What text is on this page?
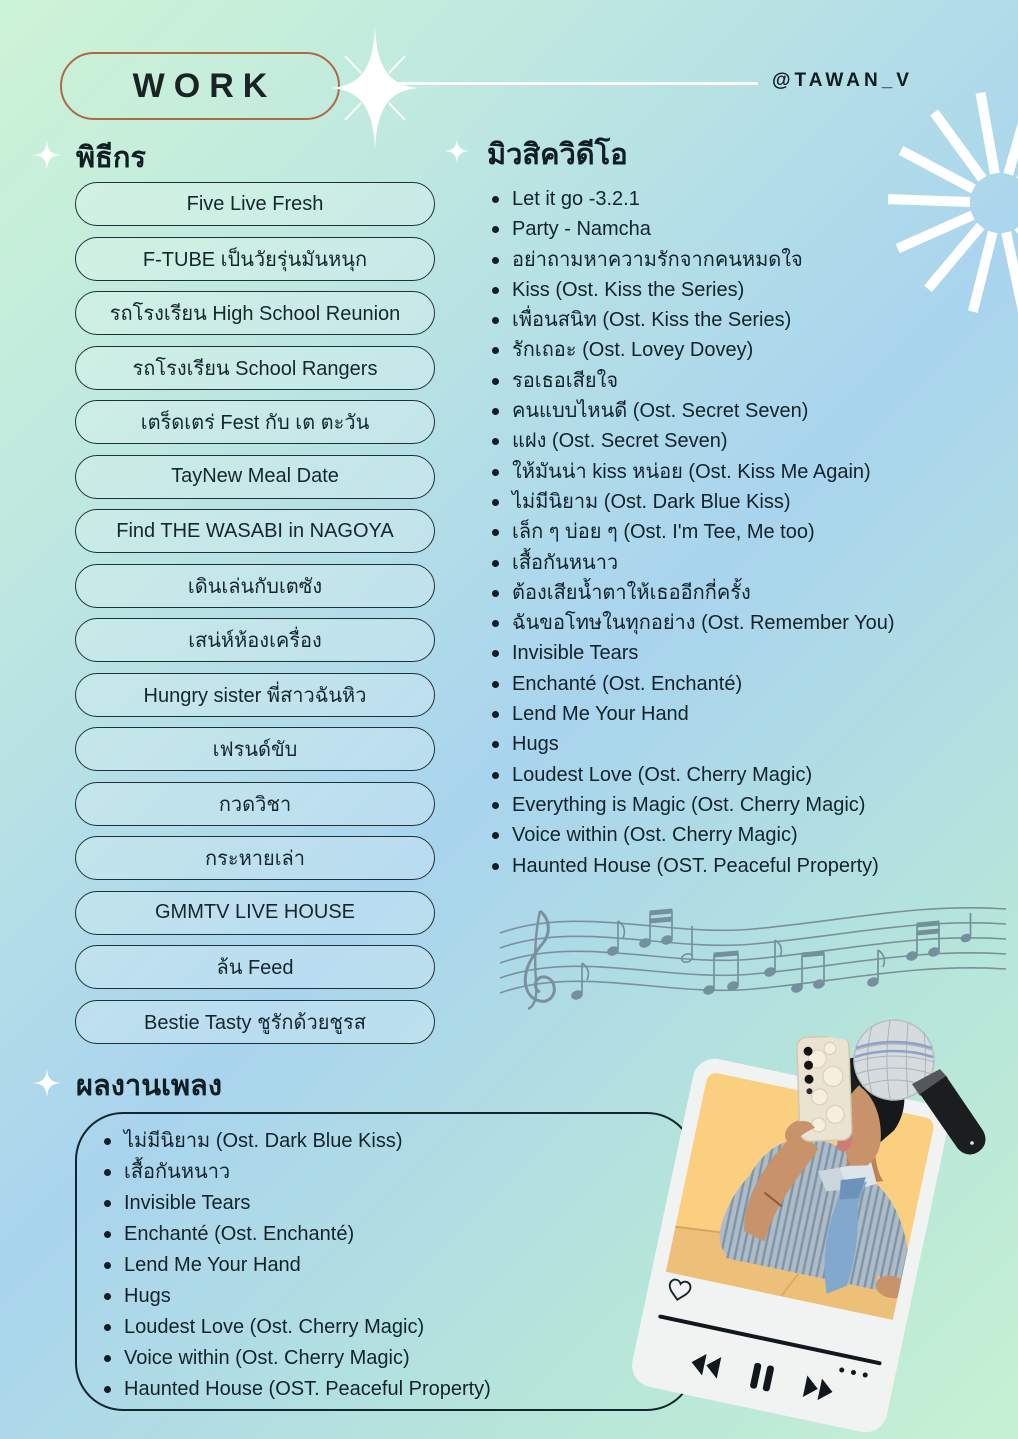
WORK	@TAWAN_V
พิธีกร
Five Live Fresh
F-TUBE เป็นวัยรุ่นมันหนุก
รถโรงเรียน High School Reunion
รถโรงเรียน School Rangers
เตร็ดเตร่ Fest กับ เต ตะวัน
TayNew Meal Date
Find THE WASABI in NAGOYA
เดินเล่นกับเตซัง
เสน่ห์ห้องเครื่อง
Hungry sister พี่สาวฉันหิว
เฟรนด์ขับ
กวดวิชา
กระหายเล่า
GMMTV LIVE HOUSE
ล้น Feed
Bestie Tasty ชูรักด้วยชูรส
มิวสิควิดีโอ
Let it go -3.2.1
Party - Namcha
อย่าถามหาความรักจากคนหมดใจ
Kiss (Ost. Kiss the Series)
เพื่อนสนิท (Ost. Kiss the Series)
รักเถอะ (Ost. Lovey Dovey)
รอเธอเสียใจ
คนแบบไหนดี (Ost. Secret Seven)
แฝง (Ost. Secret Seven)
ให้มันน่า kiss หน่อย (Ost. Kiss Me Again)
ไม่มีนิยาม (Ost. Dark Blue Kiss)
เล็ก ๆ บ่อย ๆ (Ost. I'm Tee, Me too)
เสื้อกันหนาว
ต้องเสียน้ำตาให้เธออีกกี่ครั้ง
ฉันขอโทษในทุกอย่าง (Ost. Remember You)
Invisible Tears
Enchanté (Ost. Enchanté)
Lend Me Your Hand
Hugs
Loudest Love (Ost. Cherry Magic)
Everything is Magic (Ost. Cherry Magic)
Voice within (Ost. Cherry Magic)
Haunted House (OST. Peaceful Property)
ผลงานเพลง
ไม่มีนิยาม (Ost. Dark Blue Kiss)
เสื้อกันหนาว
Invisible Tears
Enchanté (Ost. Enchanté)
Lend Me Your Hand
Hugs
Loudest Love (Ost. Cherry Magic)
Voice within (Ost. Cherry Magic)
Haunted House (OST. Peaceful Property)
